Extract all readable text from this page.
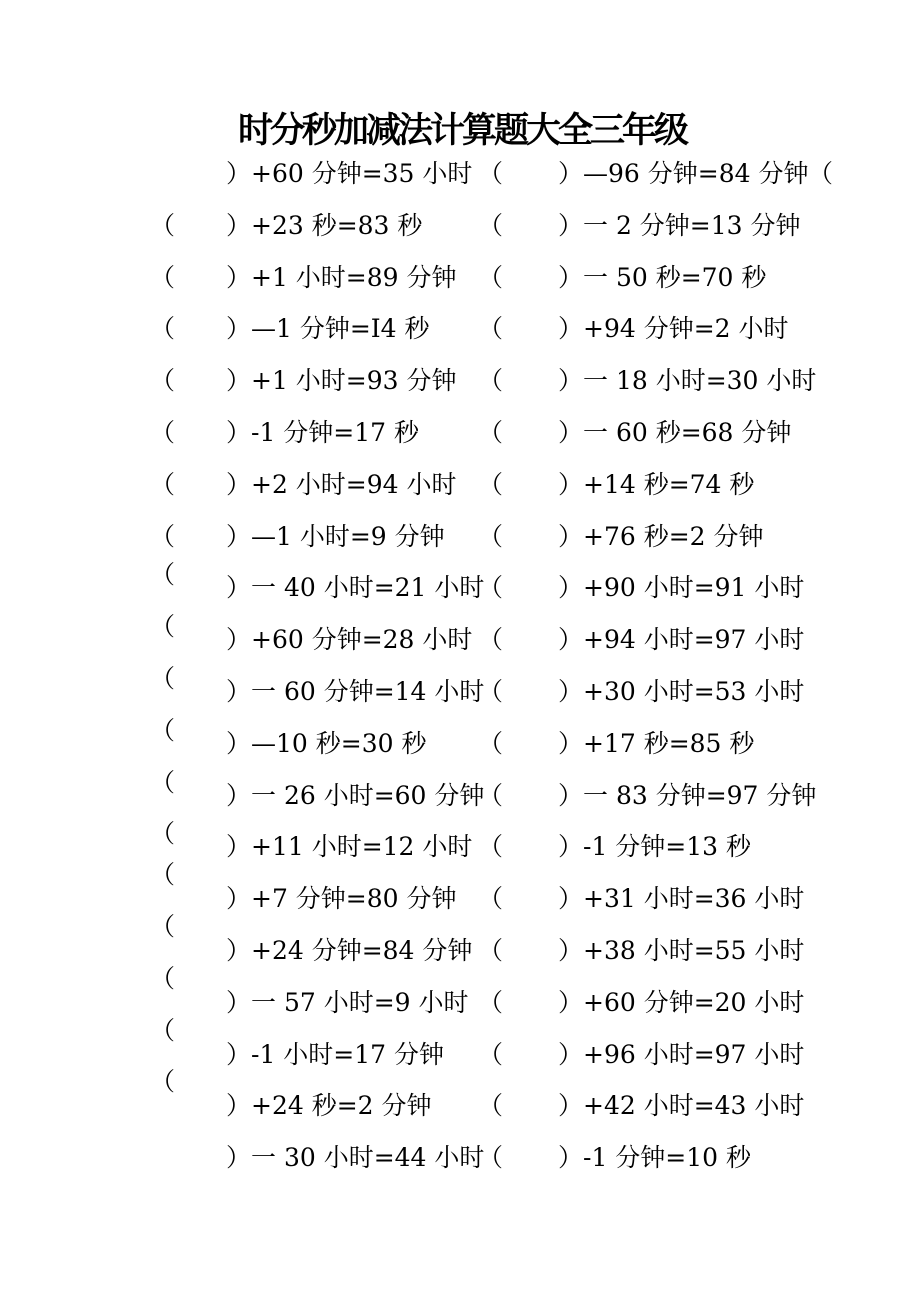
时分秒加减法计算题大全三年级
）+60 分钟=35 小时 （ ）—96 分钟=84 分钟 （
（ ）+23 秒=83 秒 （ ）一 2 分钟=13 分钟
（ ）+1 小时=89 分钟 （ ）一 50 秒=70 秒
（ ）—1 分钟=I4 秒 （ ）+94 分钟=2 小时
（ ）+1 小时=93 分钟 （ ）一 18 小时=30 小时
（ ）-1 分钟=17 秒 （ ）一 60 秒=68 分钟
（ ）+2 小时=94 小时 （ ）+14 秒=74 秒
（ ）—1 小时=9 分钟 （ ）+76 秒=2 分钟
（ ）一 40 小时=21 小时
（ ）+90 小时=91 小时
（ ）+60 分钟=28 小时 （ ）+94 小时=97 小时
（ ）一 60 分钟=14 小时
（ ）+30 小时=53 小时
（ ）—10 秒=30 秒 （ ）+17 秒=85 秒
（ ）一 26 小时=60 分钟
（ ）一 83 分钟=97 分钟
（ ）+11 小时=12 小时 （ ）-1 分钟=13 秒
（
）+7 分钟=80 分钟 （ ）+31 小时=36 小时
（
）+24 分钟=84 分钟 （ ）+38 小时=55 小时
（
）一 57 小时=9 小时 （ ）+60 分钟=20 小时
（
）-1 小时=17 分钟 （ ）+96 小时=97 小时
（
）+24 秒=2 分钟 （ ）+42 小时=43 小时
）一 30 小时=44 小时
（ ）-1 分钟=10 秒
